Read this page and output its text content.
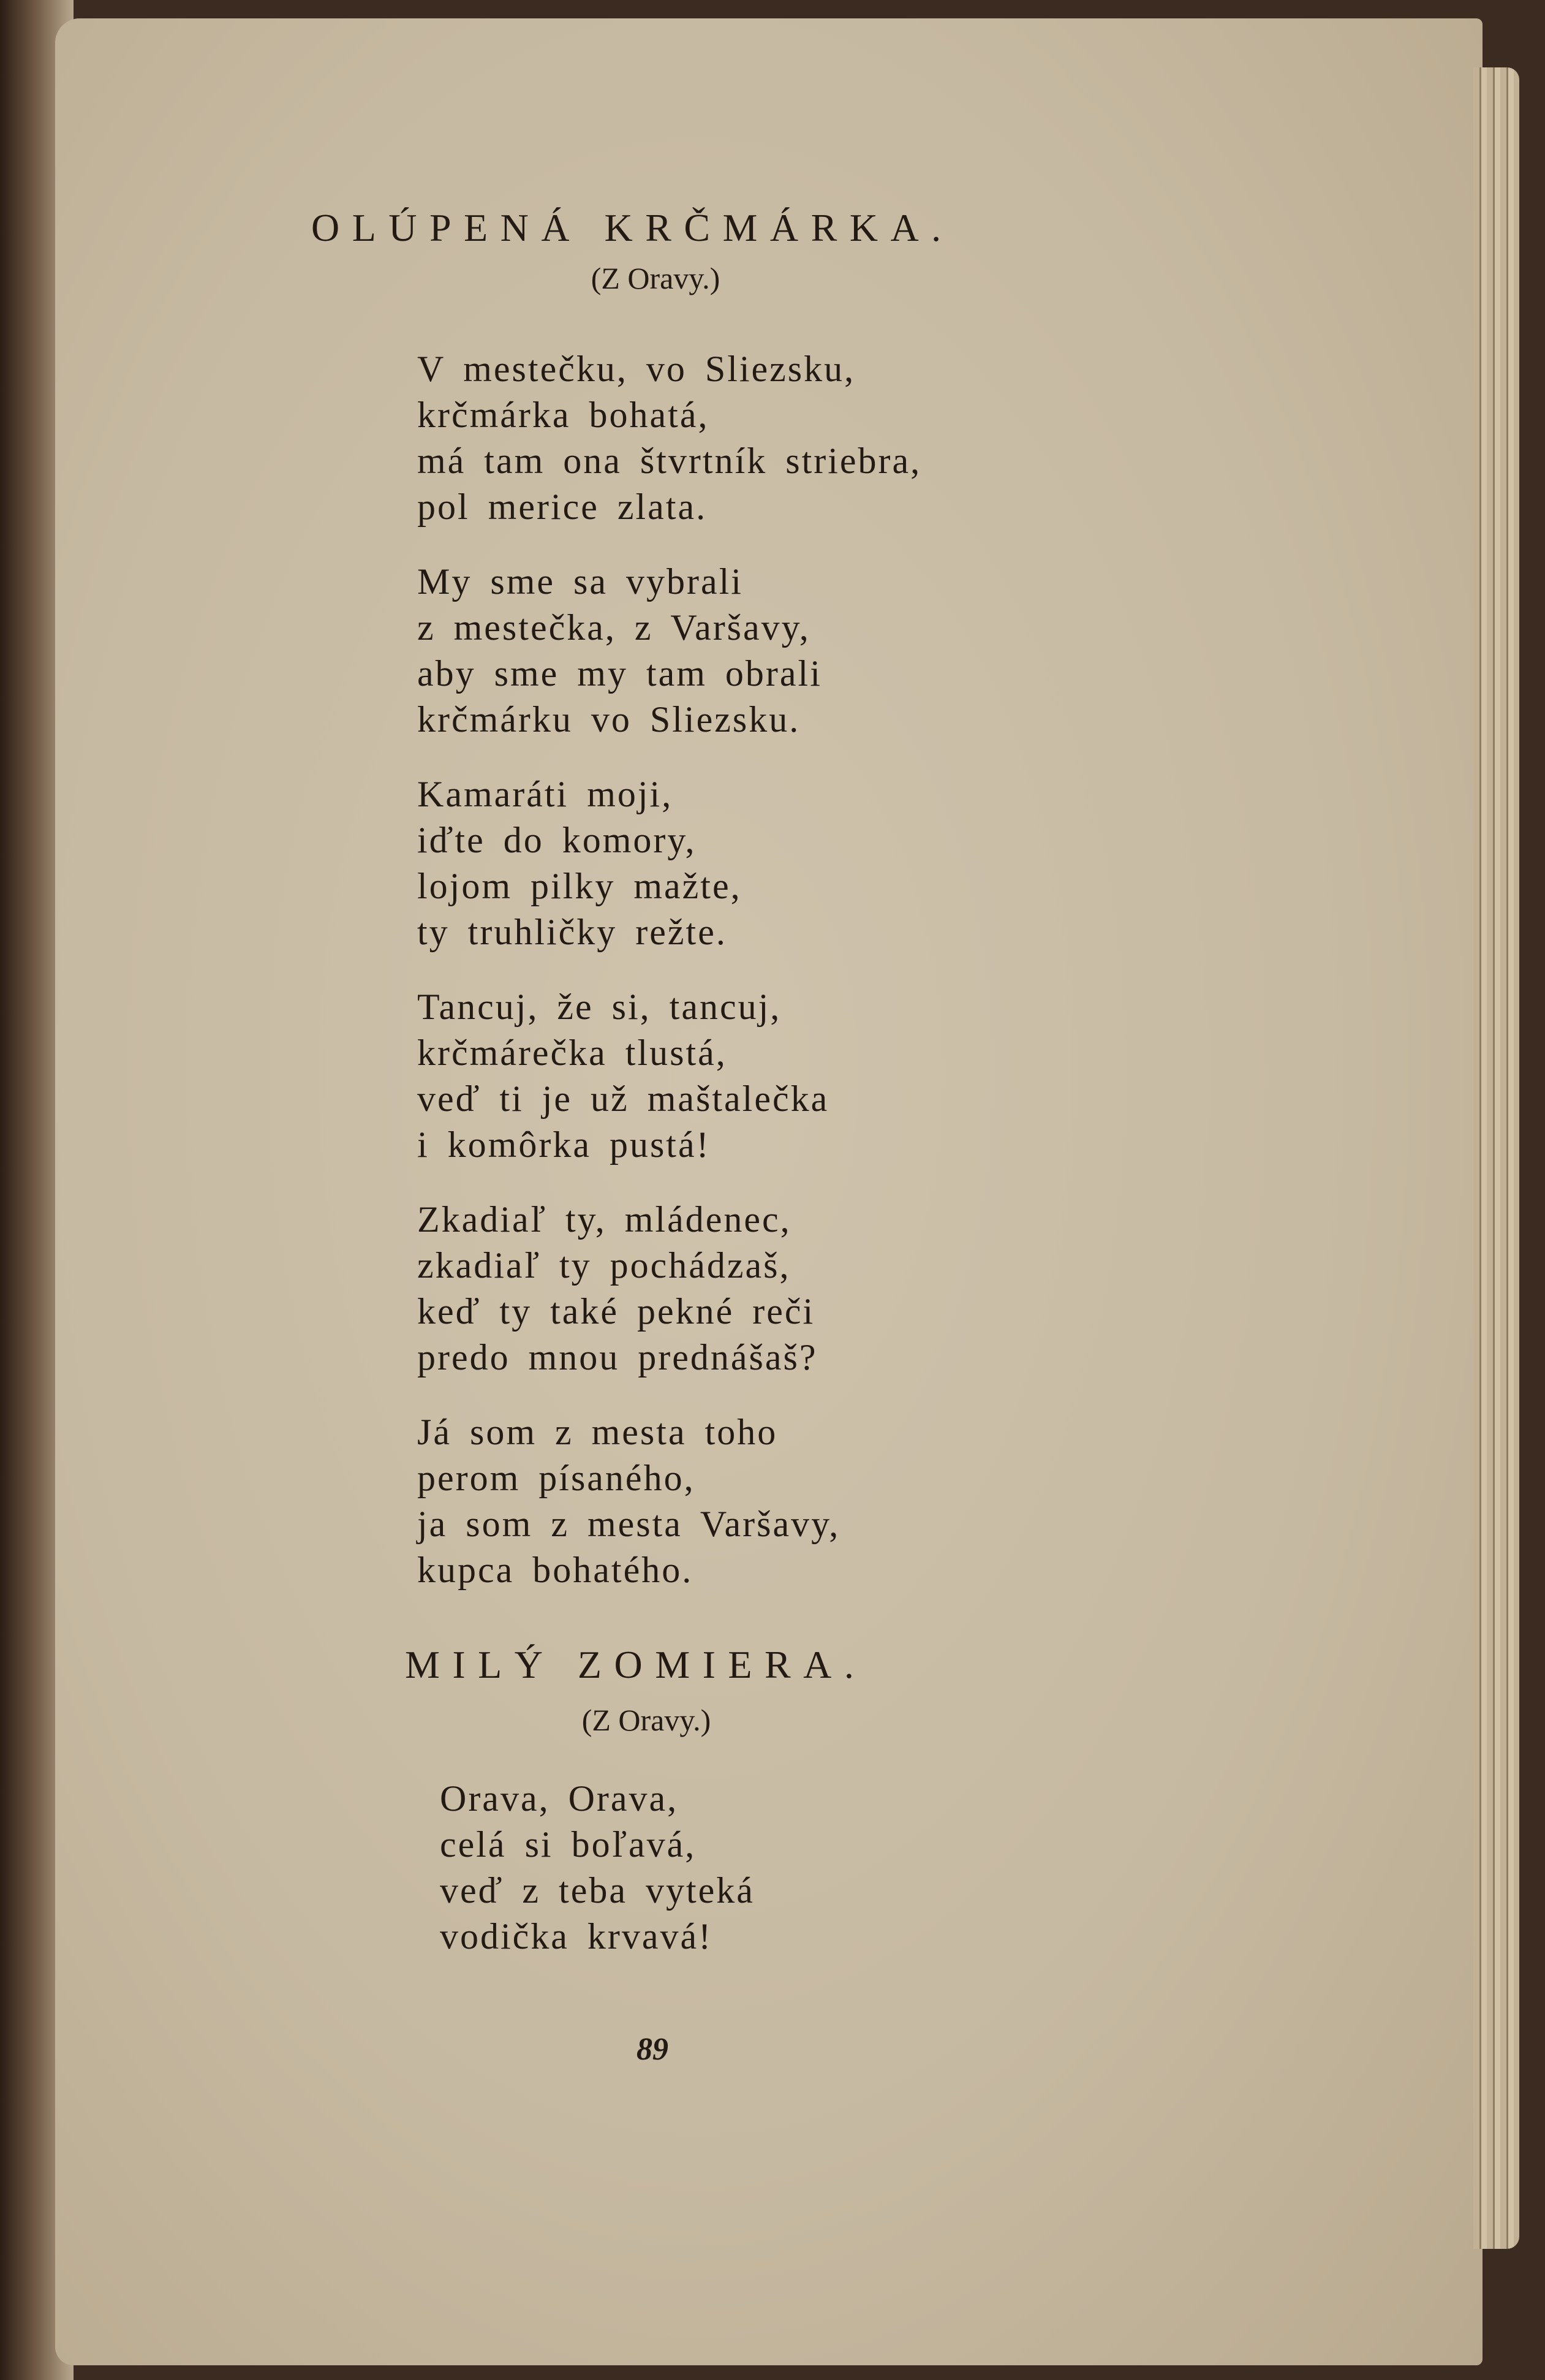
OLÚPENÁ KRČMÁRKA.
(Z Oravy.)
V mestečku, vo Sliezsku,
krčmárka bohatá,
má tam ona štvrtník striebra,
pol merice zlata.
My sme sa vybrali
z mestečka, z Varšavy,
aby sme my tam obrali
krčmárku vo Sliezsku.
Kamaráti moji,
iďte do komory,
lojom pilky mažte,
ty truhličky režte.
Tancuj, že si, tancuj,
krčmárečka tlustá,
veď ti je už maštalečka
i komôrka pustá!
Zkadiaľ ty, mládenec,
zkadiaľ ty pochádzaš,
keď ty také pekné reči
predo mnou prednášaš?
Já som z mesta toho
perom písaného,
ja som z mesta Varšavy,
kupca bohatého.
MILÝ ZOMIERA.
(Z Oravy.)
Orava, Orava,
celá si boľavá,
veď z teba vyteká
vodička krvavá!
89
